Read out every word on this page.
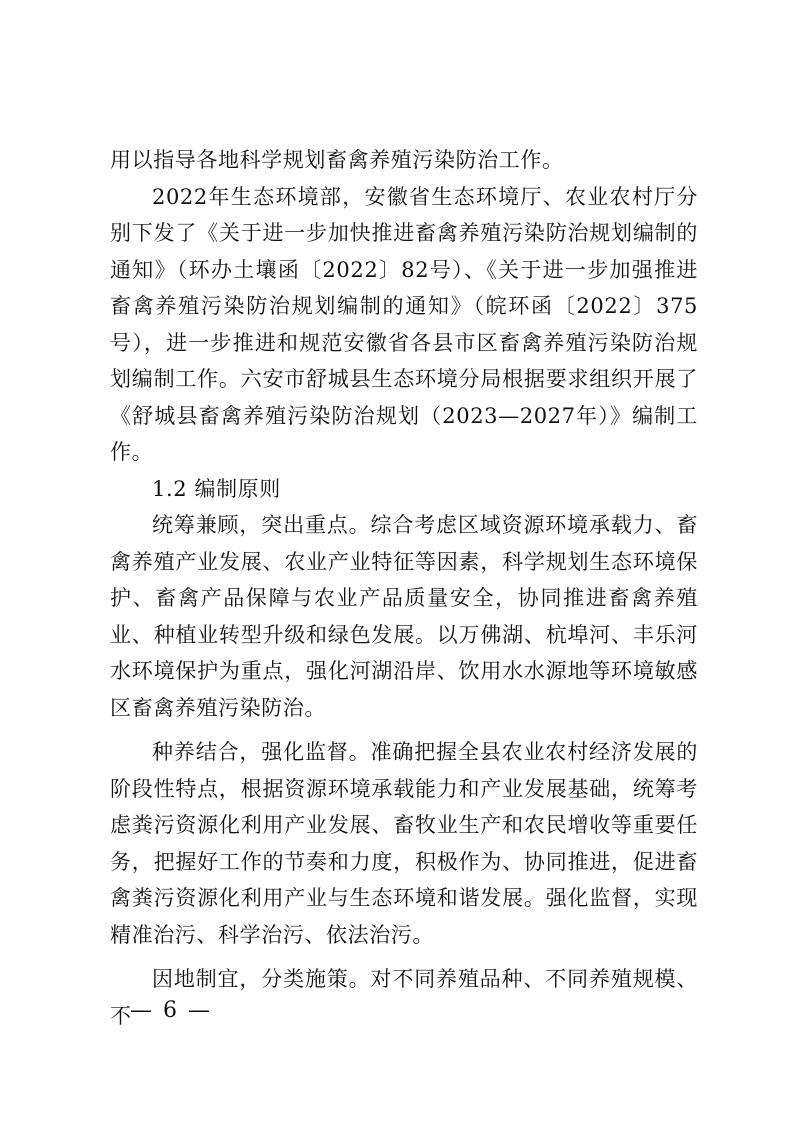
用以指导各地科学规划畜禽养殖污染防治工作。

2022年生态环境部，安徽省生态环境厅、农业农村厅分别下发了《关于进一步加快推进畜禽养殖污染防治规划编制的通知》（环办土壤函〔2022〕82号）、《关于进一步加强推进畜禽养殖污染防治规划编制的通知》（皖环函〔2022〕375号），进一步推进和规范安徽省各县市区畜禽养殖污染防治规划编制工作。六安市舒城县生态环境分局根据要求组织开展了《舒城县畜禽养殖污染防治规划（2023—2027年）》编制工作。

1.2 编制原则

统筹兼顾，突出重点。综合考虑区域资源环境承载力、畜禽养殖产业发展、农业产业特征等因素，科学规划生态环境保护、畜禽产品保障与农业产品质量安全，协同推进畜禽养殖业、种植业转型升级和绿色发展。以万佛湖、杭埠河、丰乐河水环境保护为重点，强化河湖沿岸、饮用水水源地等环境敏感区畜禽养殖污染防治。

种养结合，强化监督。准确把握全县农业农村经济发展的阶段性特点，根据资源环境承载能力和产业发展基础，统筹考虑粪污资源化利用产业发展、畜牧业生产和农民增收等重要任务，把握好工作的节奏和力度，积极作为、协同推进，促进畜禽粪污资源化利用产业与生态环境和谐发展。强化监督，实现精准治污、科学治污、依法治污。

因地制宜，分类施策。对不同养殖品种、不同养殖规模、不

— 6 —
